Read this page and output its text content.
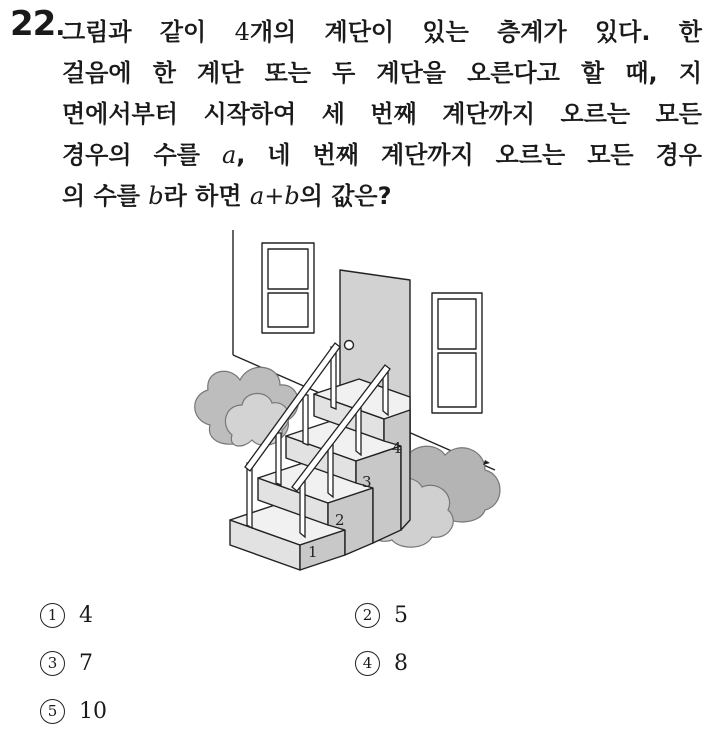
22.
그림과 같이 4개의 계단이 있는 층계가 있다. 한
걸음에 한 계단 또는 두 계단을 오른다고 할 때, 지
면에서부터 시작하여 세 번째 계단까지 오르는 모든
경우의 수를 a, 네 번째 계단까지 오르는 모든 경우
의 수를 b라 하면 a+b의 값은?
1
2
3
4
1 4	2 5
3 7	4 8
5 10
